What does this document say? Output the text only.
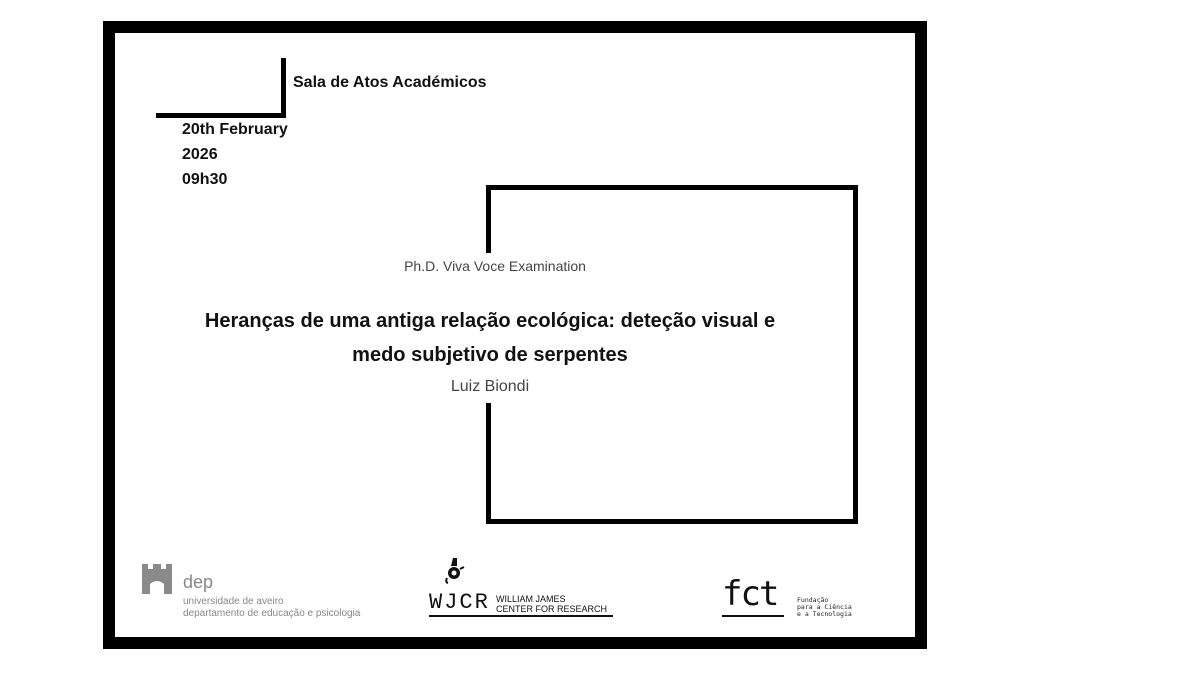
Sala de Atos Académicos
20th February
2026
09h30
Ph.D. Viva Voce Examination
Heranças de uma antiga relação ecológica: deteção visual e medo subjetivo de serpentes
Luiz Biondi
dep
universidade de aveiro
departamento de educação e psicologia	WJCR WILLIAM JAMES
CENTER FOR RESEARCH	fct	Fundação
para a Ciência
e a Tecnologia
